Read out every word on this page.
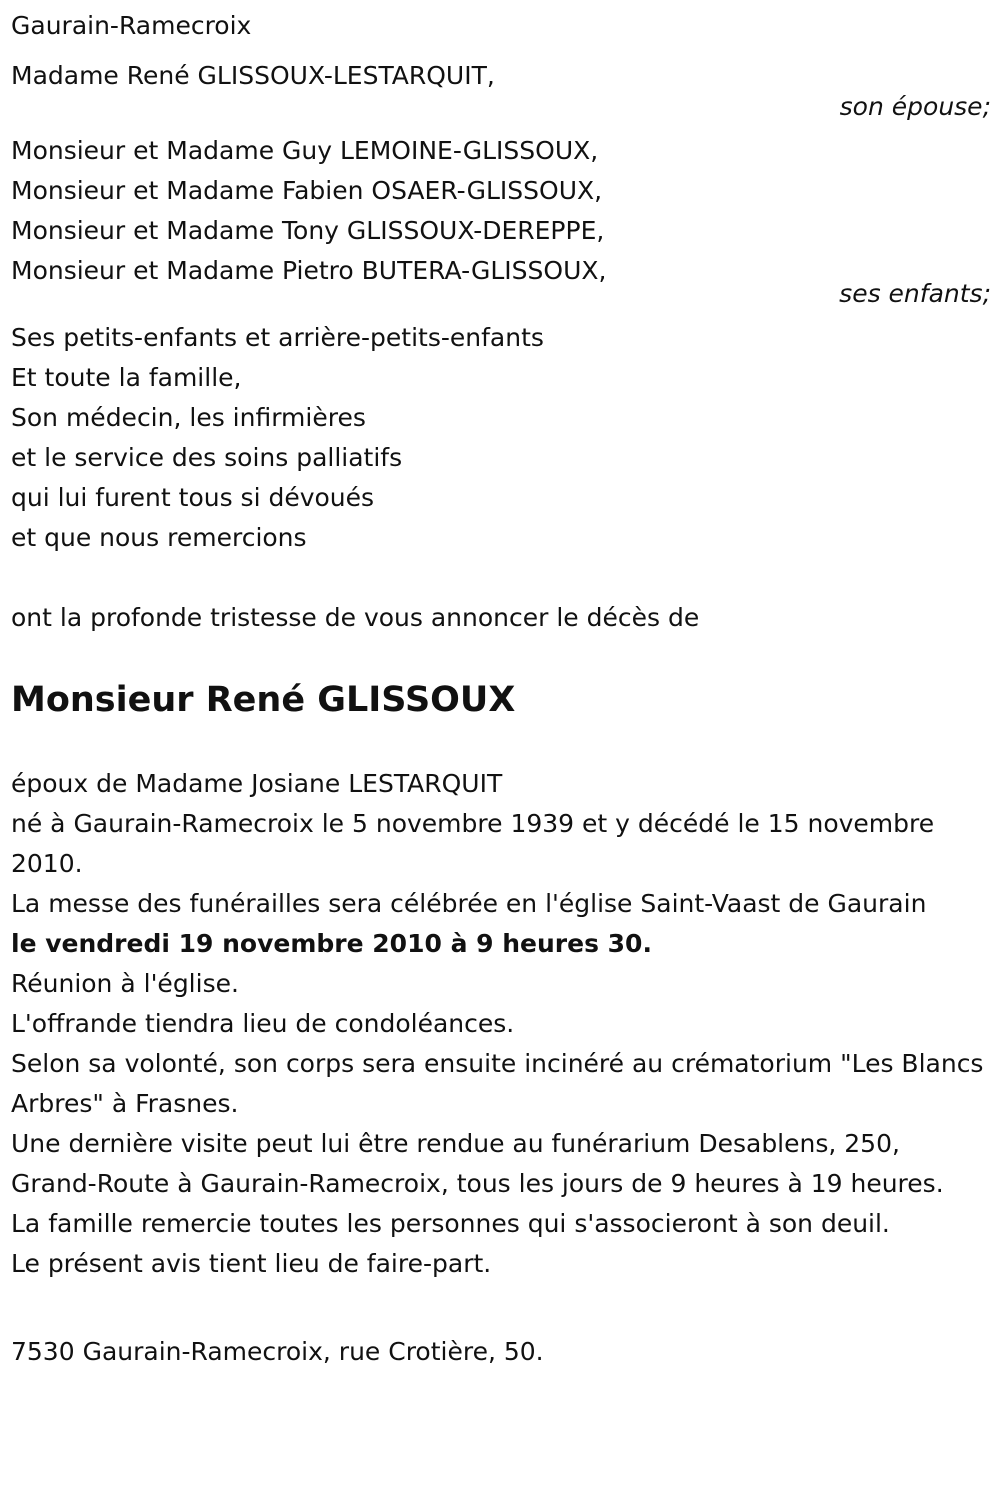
Gaurain-Ramecroix
Madame René GLISSOUX-LESTARQUIT,
son épouse;
Monsieur et Madame Guy LEMOINE-GLISSOUX,
Monsieur et Madame Fabien OSAER-GLISSOUX,
Monsieur et Madame Tony GLISSOUX-DEREPPE,
Monsieur et Madame Pietro BUTERA-GLISSOUX,
ses enfants;
Ses petits-enfants et arrière-petits-enfants
Et toute la famille,
Son médecin, les infirmières
et le service des soins palliatifs
qui lui furent tous si dévoués
et que nous remercions
ont la profonde tristesse de vous annoncer le décès de
Monsieur René GLISSOUX
époux de Madame Josiane LESTARQUIT

né à Gaurain-Ramecroix le 5 novembre 1939 et y décédé le 15 novembre 2010.

La messe des funérailles sera célébrée en l'église Saint-Vaast de Gaurain
le vendredi 19 novembre 2010 à 9 heures 30.

Réunion à l'église.

L'offrande tiendra lieu de condoléances.

Selon sa volonté, son corps sera ensuite incinéré au crématorium "Les Blancs Arbres" à Frasnes.

Une dernière visite peut lui être rendue au funérarium Desablens, 250, Grand-Route à Gaurain-Ramecroix, tous les jours de 9 heures à 19 heures.

La famille remercie toutes les personnes qui s'associeront à son deuil.

Le présent avis tient lieu de faire-part.

7530 Gaurain-Ramecroix, rue Crotière, 50.
